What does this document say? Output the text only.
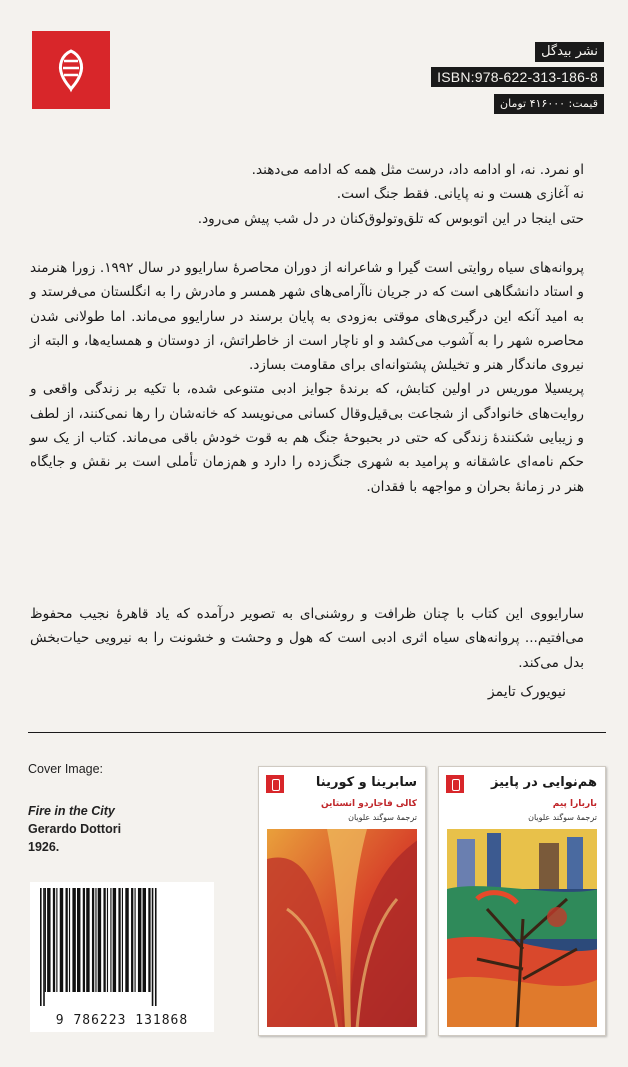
نشر بیدگل
ISBN:978-622-313-186-8
قیمت: ۴۱۶۰۰۰ تومان
او نمرد. نه، او ادامه داد، درست مثل همه که ادامه می‌دهند.
نه آغازی هست و نه پایانی. فقط جنگ است.
حتی اینجا در این اتوبوس که تلق‌وتولوق‌کنان در دل شب پیش می‌رود.

پروانه‌های سیاه روایتی است گیرا و شاعرانه از دوران محاصرهٔ سارایوو در سال ۱۹۹۲. زورا هنرمند و استاد دانشگاهی است که در جریان ناآرامی‌های شهر همسر و مادرش را به انگلستان می‌فرستد و به امید آنکه این درگیری‌های موقتی به‌زودی به پایان برسند در سارایوو می‌ماند. اما طولانی شدن محاصره شهر را به آشوب می‌کشد و او ناچار است از خاطراتش، از دوستان و همسایه‌ها، و البته از نیروی ماندگار هنر و تخیلش پشتوانه‌ای برای مقاومت بسازد.

پریسیلا موریس در اولین کتابش، که برندهٔ جوایز ادبی متنوعی شده، با تکیه بر زندگی واقعی و روایت‌های خانوادگی از شجاعت بی‌قیل‌وقال کسانی می‌نویسد که خانه‌شان را رها نمی‌کنند، از لطف و زیبایی شکنندهٔ زندگی که حتی در بحبوحهٔ جنگ هم به قوت خودش باقی می‌ماند. کتاب از یک سو حکم نامه‌ای عاشقانه و پرامید به شهری جنگ‌زده را دارد و هم‌زمان تأملی است بر نقش و جایگاه هنر در زمانهٔ بحران و مواجهه با فقدان.

سارایووی این کتاب با چنان ظرافت و روشنی‌ای به تصویر درآمده که یاد قاهرهٔ نجیب محفوظ می‌افتیم... پروانه‌های سیاه اثری ادبی است که هول و وحشت و خشونت را به نیرویی حیات‌بخش بدل می‌کند.

نیویورک تایمز
Cover Image:
Fire in the City
Gerardo Dottori
1926.
9 786223 131868
سابرینا و کورینا
کالی فاجاردو انستاین
ترجمهٔ سوگند علویان
هم‌نوایی در پاییز
باربارا پیم
ترجمهٔ سوگند علویان
